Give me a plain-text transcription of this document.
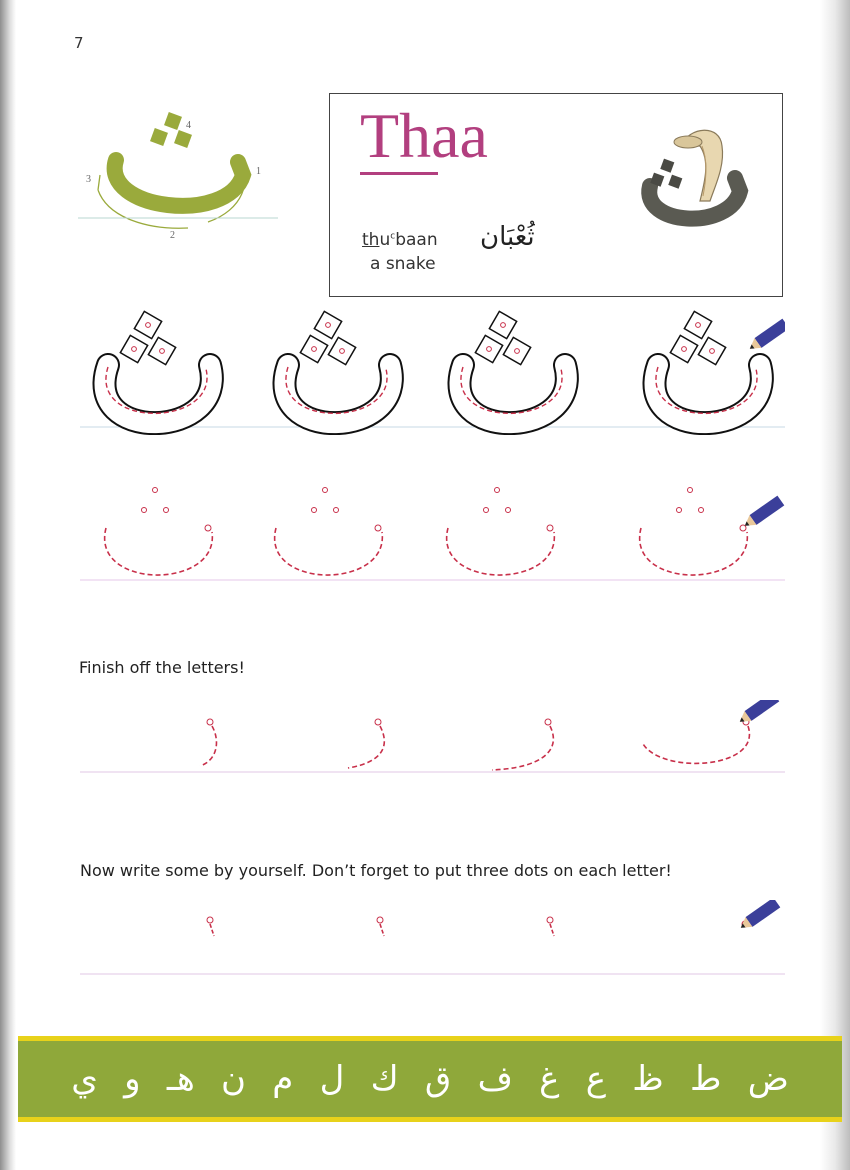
7
1
2
3
4	Thaa
thu$^c$baan
a snake
ثُعْبَان
Finish off the letters!
Now write some by yourself. Don’t forget to put three dots on each letter!
ض
ط
ظ
ع
غ
ف
ق
ك
ل
م
ن
هـ
و
ي
